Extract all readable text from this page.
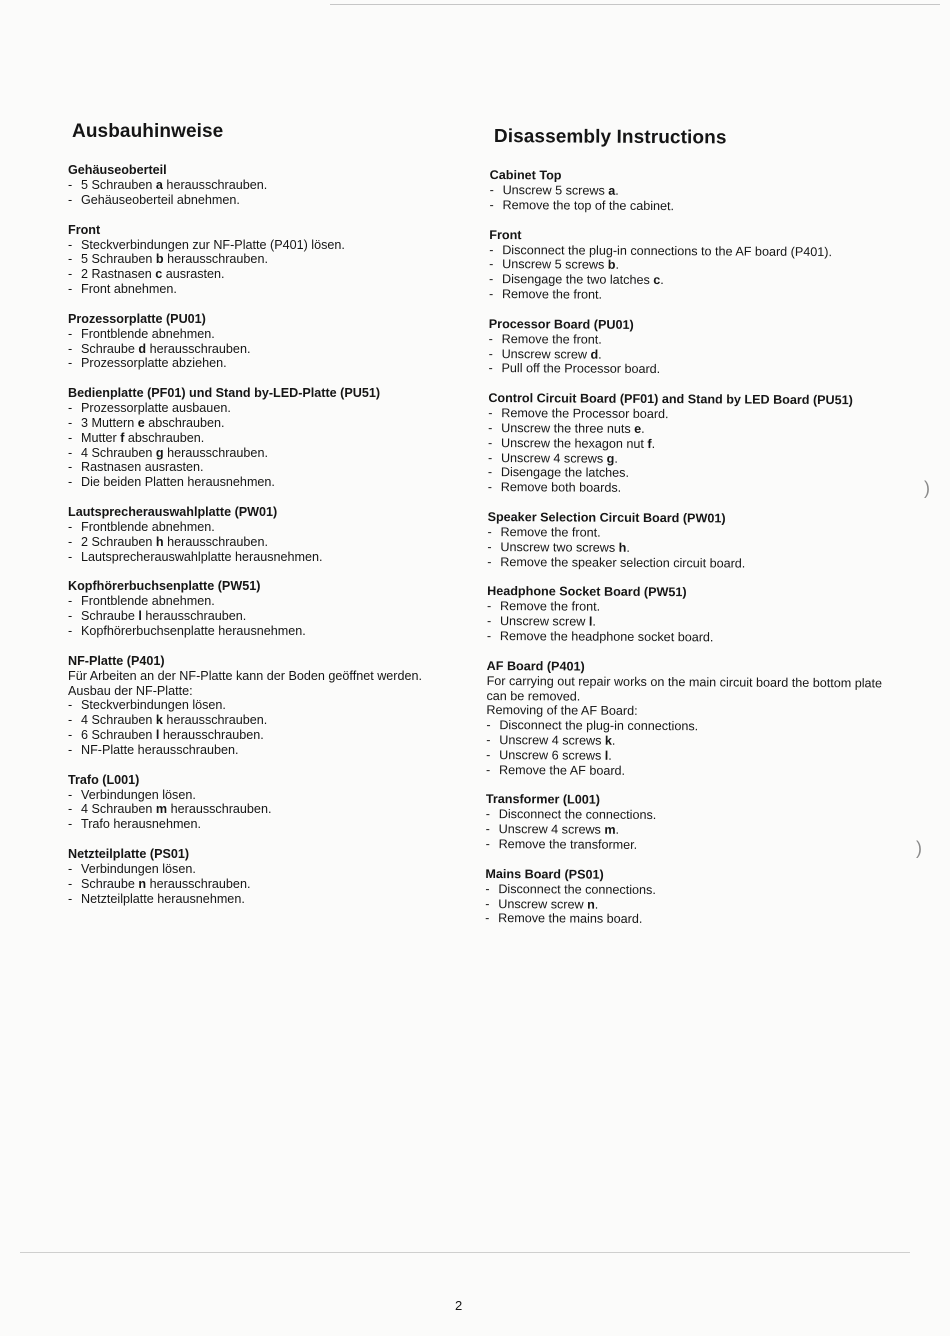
Ausbauhinweise
Gehäuseoberteil
- 5 Schrauben a herausschrauben.
- Gehäuseoberteil abnehmen.
Front
- Steckverbindungen zur NF-Platte (P401) lösen.
- 5 Schrauben b herausschrauben.
- 2 Rastnasen c ausrasten.
- Front abnehmen.
Prozessorplatte (PU01)
- Frontblende abnehmen.
- Schraube d herausschrauben.
- Prozessorplatte abziehen.
Bedienplatte (PF01) und Stand by-LED-Platte (PU51)
- Prozessorplatte ausbauen.
- 3 Muttern e abschrauben.
- Mutter f abschrauben.
- 4 Schrauben g herausschrauben.
- Rastnasen ausrasten.
- Die beiden Platten herausnehmen.
Lautsprecherauswahlplatte (PW01)
- Frontblende abnehmen.
- 2 Schrauben h herausschrauben.
- Lautsprecherauswahlplatte herausnehmen.
Kopfhörerbuchsenplatte (PW51)
- Frontblende abnehmen.
- Schraube l herausschrauben.
- Kopfhörerbuchsenplatte herausnehmen.
NF-Platte (P401)
Für Arbeiten an der NF-Platte kann der Boden geöffnet werden.
Ausbau der NF-Platte:
- Steckverbindungen lösen.
- 4 Schrauben k herausschrauben.
- 6 Schrauben l herausschrauben.
- NF-Platte herausschrauben.
Trafo (L001)
- Verbindungen lösen.
- 4 Schrauben m herausschrauben.
- Trafo herausnehmen.
Netzteilplatte (PS01)
- Verbindungen lösen.
- Schraube n herausschrauben.
- Netzteilplatte herausnehmen.
Disassembly Instructions
Cabinet Top
- Unscrew 5 screws a.
- Remove the top of the cabinet.
Front
- Disconnect the plug-in connections to the AF board (P401).
- Unscrew 5 screws b.
- Disengage the two latches c.
- Remove the front.
Processor Board (PU01)
- Remove the front.
- Unscrew screw d.
- Pull off the Processor board.
Control Circuit Board (PF01) and Stand by LED Board (PU51)
- Remove the Processor board.
- Unscrew the three nuts e.
- Unscrew the hexagon nut f.
- Unscrew 4 screws g.
- Disengage the latches.
- Remove both boards.
Speaker Selection Circuit Board (PW01)
- Remove the front.
- Unscrew two screws h.
- Remove the speaker selection circuit board.
Headphone Socket Board (PW51)
- Remove the front.
- Unscrew screw l.
- Remove the headphone socket board.
AF Board (P401)
For carrying out repair works on the main circuit board the bottom plate
can be removed.
Removing of the AF Board:
- Disconnect the plug-in connections.
- Unscrew 4 screws k.
- Unscrew 6 screws l.
- Remove the AF board.
Transformer (L001)
- Disconnect the connections.
- Unscrew 4 screws m.
- Remove the transformer.
Mains Board (PS01)
- Disconnect the connections.
- Unscrew screw n.
- Remove the mains board.
)
)
2
